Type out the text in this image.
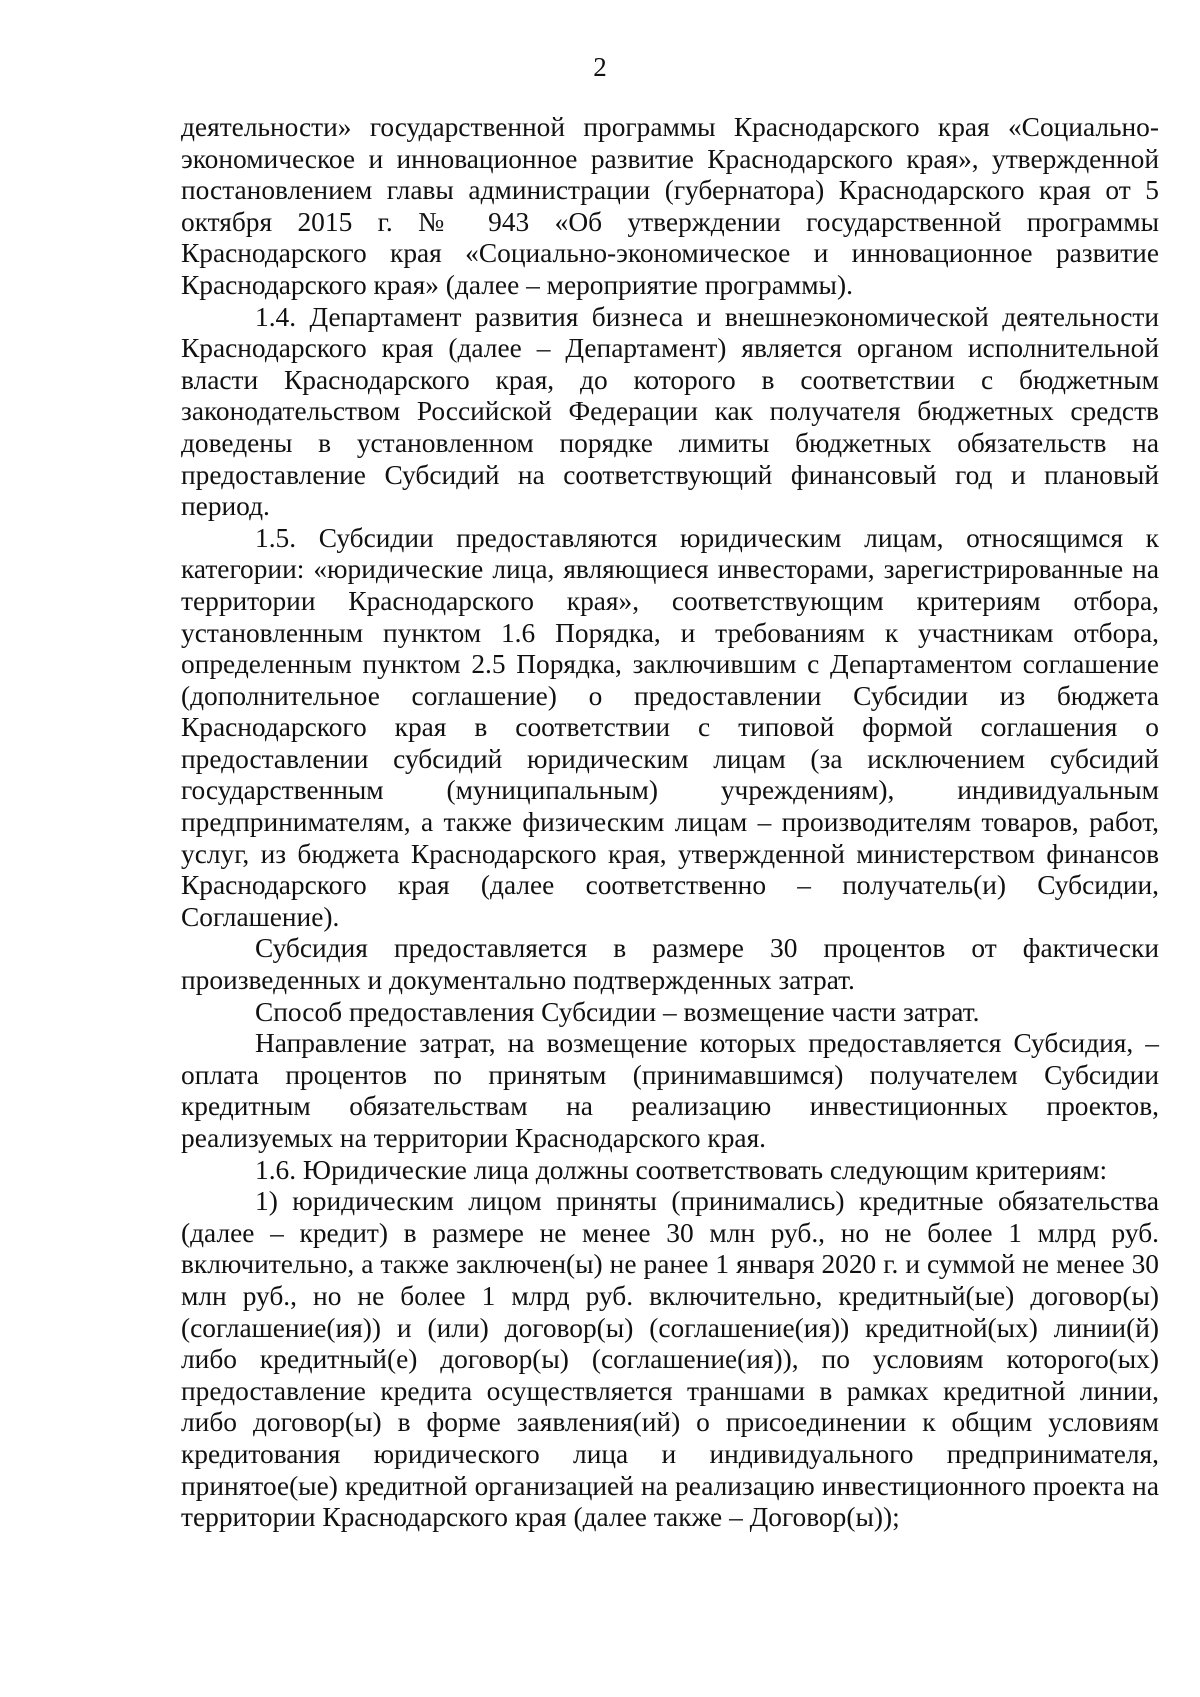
2

деятельности» государственной программы Краснодарского края «Социально-экономическое и инновационное развитие Краснодарского края», утвержденной постановлением главы администрации (губернатора) Краснодарского края от 5 октября 2015 г. № 943 «Об утверждении государственной программы Краснодарского края «Социально-экономическое и инновационное развитие Краснодарского края» (далее – мероприятие программы).

1.4. Департамент развития бизнеса и внешнеэкономической деятельности Краснодарского края (далее – Департамент) является органом исполнительной власти Краснодарского края, до которого в соответствии с бюджетным законодательством Российской Федерации как получателя бюджетных средств доведены в установленном порядке лимиты бюджетных обязательств на предоставление Субсидий на соответствующий финансовый год и плановый период.

1.5. Субсидии предоставляются юридическим лицам, относящимся к категории: «юридические лица, являющиеся инвесторами, зарегистрированные на территории Краснодарского края», соответствующим критериям отбора, установленным пунктом 1.6 Порядка, и требованиям к участникам отбора, определенным пунктом 2.5 Порядка, заключившим с Департаментом соглашение (дополнительное соглашение) о предоставлении Субсидии из бюджета Краснодарского края в соответствии с типовой формой соглашения о предоставлении субсидий юридическим лицам (за исключением субсидий государственным (муниципальным) учреждениям), индивидуальным предпринимателям, а также физическим лицам – производителям товаров, работ, услуг, из бюджета Краснодарского края, утвержденной министерством финансов Краснодарского края (далее соответственно – получатель(и) Субсидии, Соглашение).

Субсидия предоставляется в размере 30 процентов от фактически произведенных и документально подтвержденных затрат.

Способ предоставления Субсидии – возмещение части затрат.

Направление затрат, на возмещение которых предоставляется Субсидия, – оплата процентов по принятым (принимавшимся) получателем Субсидии кредитным обязательствам на реализацию инвестиционных проектов, реализуемых на территории Краснодарского края.

1.6. Юридические лица должны соответствовать следующим критериям:

1) юридическим лицом приняты (принимались) кредитные обязательства (далее – кредит) в размере не менее 30 млн руб., но не более 1 млрд руб. включительно, а также заключен(ы) не ранее 1 января 2020 г. и суммой не менее 30 млн руб., но не более 1 млрд руб. включительно, кредитный(ые) договор(ы) (соглашение(ия)) и (или) договор(ы) (соглашение(ия)) кредитной(ых) линии(й) либо кредитный(е) договор(ы) (соглашение(ия)), по условиям которого(ых) предоставление кредита осуществляется траншами в рамках кредитной линии, либо договор(ы) в форме заявления(ий) о присоединении к общим условиям кредитования юридического лица и индивидуального предпринимателя, принятое(ые) кредитной организацией на реализацию инвестиционного проекта на территории Краснодарского края (далее также – Договор(ы));
